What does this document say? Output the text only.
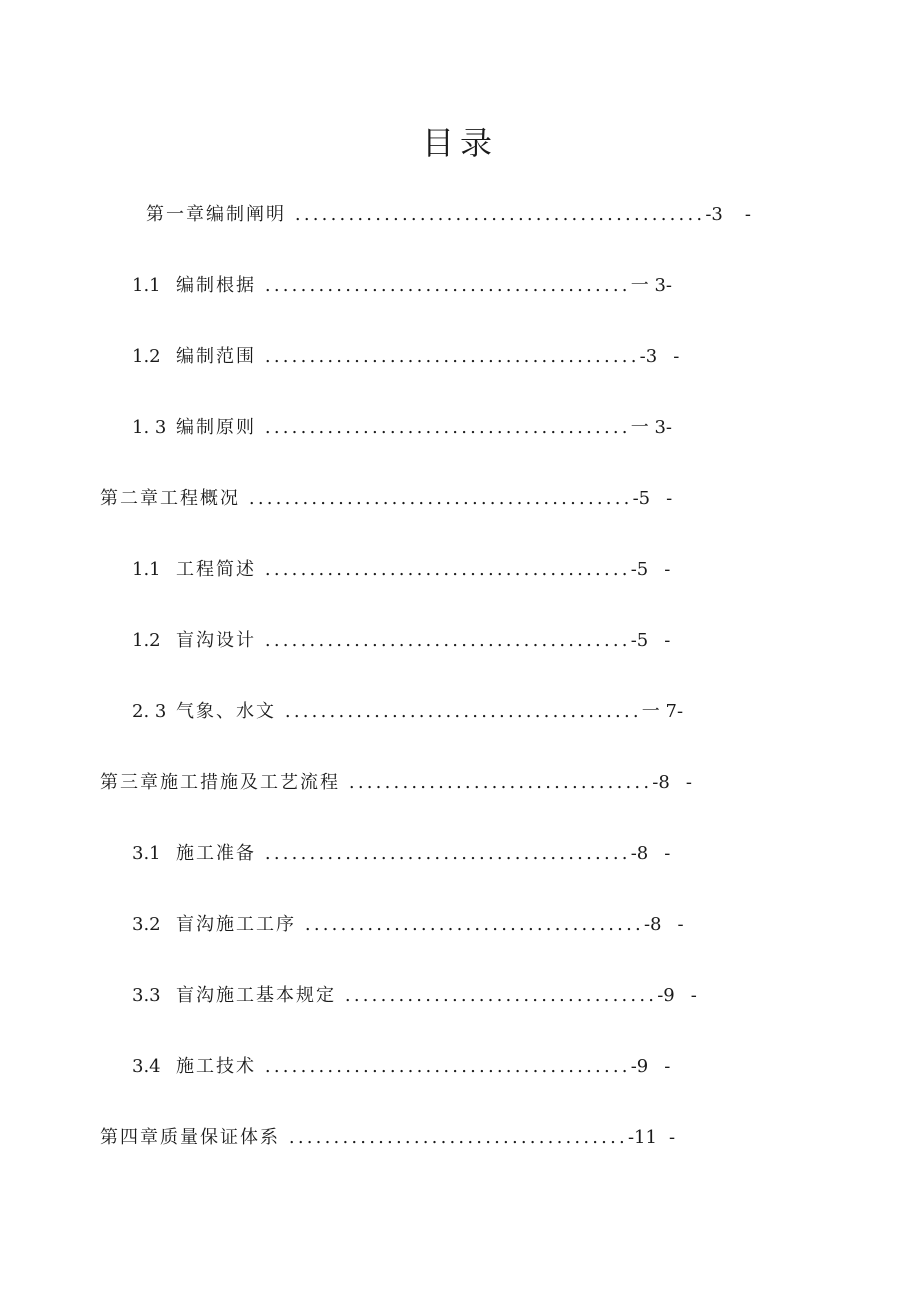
目录
第一章编制阐明 ..............................................-3 -
1.1 编制根据 .........................................一 3-
1.2 编制范围 ..........................................-3 -
1. 3 编制原则 .........................................一 3-
第二章工程概况 ...........................................-5 -
1.1 工程简述 .........................................-5 -
1.2 盲沟设计 .........................................-5 -
2. 3 气象、水文 ........................................一 7-
第三章施工措施及工艺流程 ..................................-8 -
3.1 施工准备 .........................................-8 -
3.2 盲沟施工工序 ......................................-8 -
3.3 盲沟施工基本规定 ...................................-9 -
3.4 施工技术 .........................................-9 -
第四章质量保证体系 ......................................-11 -
